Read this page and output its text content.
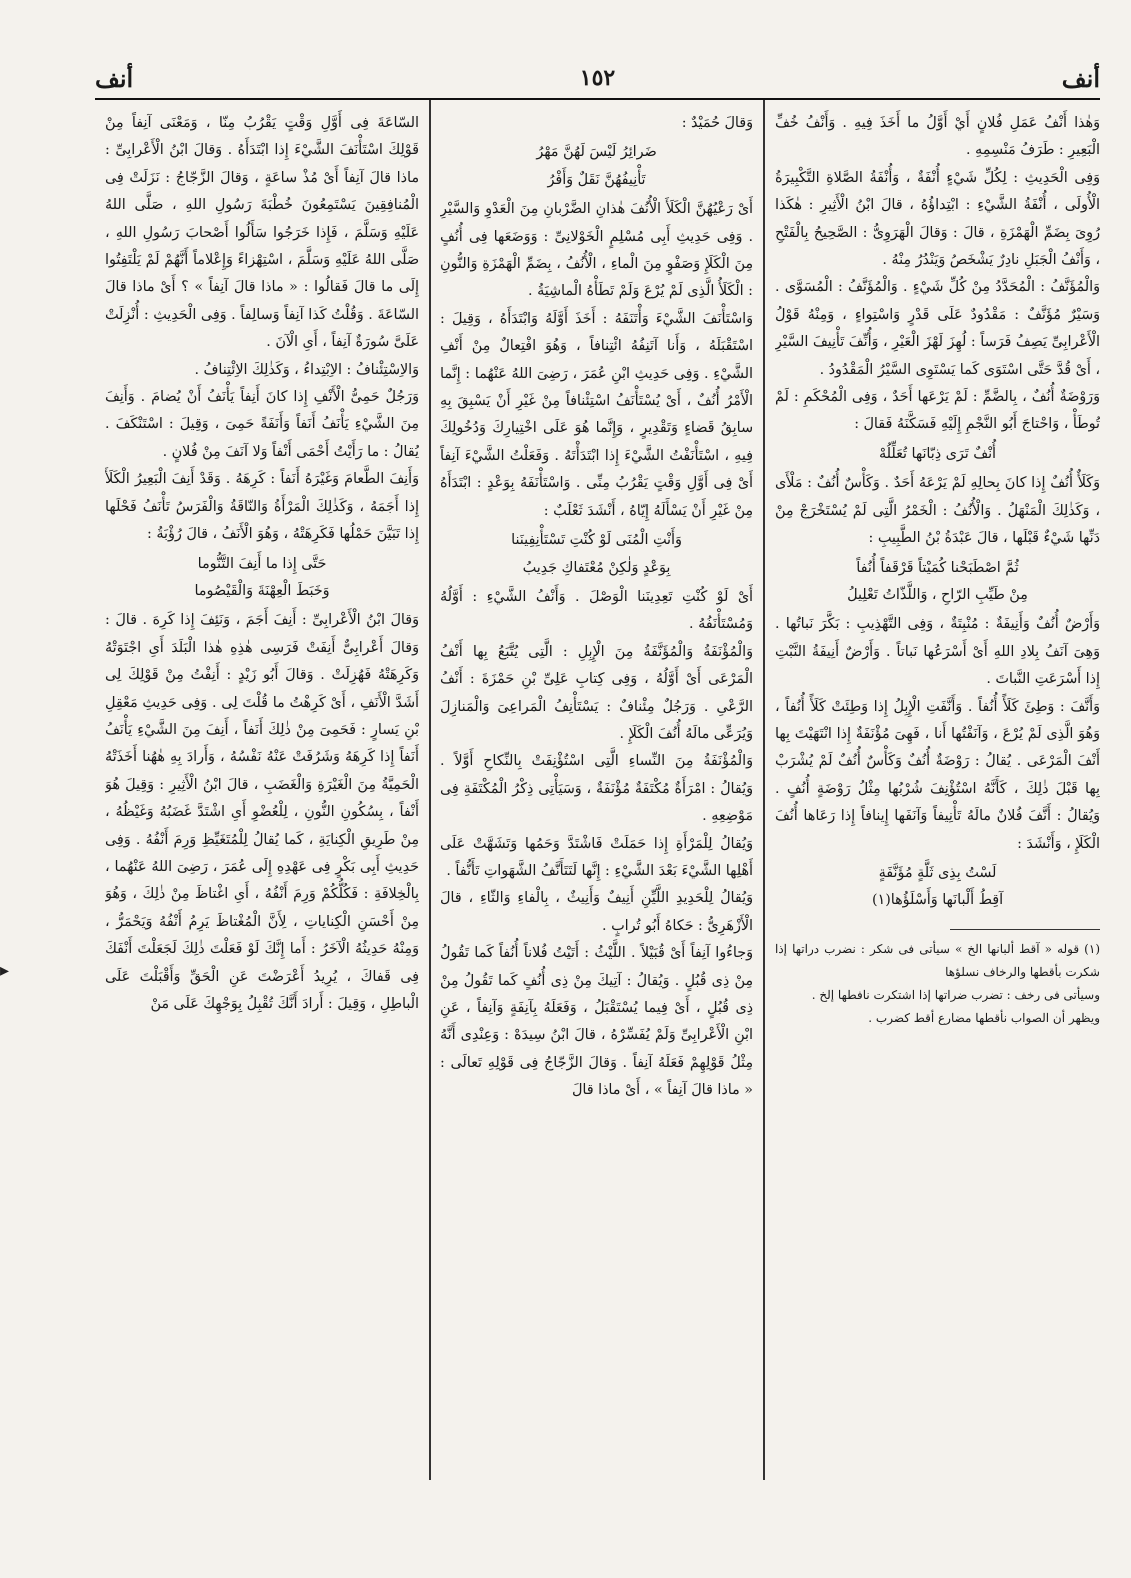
أنف
١٥٢
أنف

وَهٰذا أَنْفُ عَمَلِ فُلانٍ أَيْ أَوَّلُ ما أَخَذَ فِيهِ . وَأَنْفُ خُفِّ الْبَعِيرِ : طَرَفُ مَنْسِمِهِ .

وَفِى الْحَدِيثِ : لِكُلِّ شَيْءٍ أُنْفَةٌ ، وَأُنْفَةُ الصَّلاةِ التَّكْبِيرَةُ الْأُولَى ، أُنْفَةُ الشَّيْءِ : ابْتِداؤُهُ ، قالَ ابْنُ الْأَثِيرِ : هٰكَذا رُوِىَ بِضَمِّ الْهَمْزَةِ ، قالَ : وَقالَ الْهَرَوِىُّ : الصَّحِيحُ بِالْفَتْحِ ، وَأَنْفُ الْجَبَلِ نادِرٌ يَشْخَصُ وَيَنْدُرُ مِنْهُ .

وَالْمُؤَنَّفُ : الْمُحَدَّدُ مِنْ كُلِّ شَيْءٍ . وَالْمُؤَنَّفُ : الْمُسَوَّى . وَسَيْرٌ مُؤَنَّفٌ : مَقْدُودٌ عَلَى قَدْرٍ وَاسْتِواءٍ ، وَمِنْهُ قَوْلُ الْأَعْرابِىِّ يَصِفُ فَرَساً : لُهِزَ لَهْزَ الْعَيْرِ ، وَأُنِّفَ تَأْنِيفَ السَّيْرِ ، أَىْ قُدَّ حَتَّى اسْتَوَى كَما يَسْتَوِى السَّيْرُ الْمَقْدُودُ .

وَرَوْضَةٌ أُنُفٌ ، بِالضَّمِّ : لَمْ يَرْعَها أَحَدٌ ، وَفِى الْمُحْكَمِ : لَمْ تُوطَأْ ، وَاحْتاجَ أَبُو النَّجْمِ إِلَيْهِ فَسَكَّنَهُ فَقالَ :

أُنْفٌ تَرَى ذِبّانَها تُعَلِّلُهْ

وَكَلَأٌ أُنُفٌ إِذا كانَ بِحالِهِ لَمْ يَرْعَهُ أَحَدٌ . وَكَأْسٌ أُنُفٌ : مَلْأَى ، وَكَذٰلِكَ الْمَنْهَلُ . وَالْأُنُفُ : الْخَمْرُ الَّتِى لَمْ يُسْتَخْرَجْ مِنْ دَنِّها شَيْءٌ قَبْلَها ، قالَ عَبْدَةُ بْنُ الطَّبِيبِ :

ثُمَّ اصْطَبَحْنا كُمَيْتاً قَرْقَفاً أُنُفاً
مِنْ طَيِّبِ الرّاحِ ، وَاللَّذّاتُ تَعْلِيلُ

وَأَرْضٌ أُنُفٌ وَأَنِيفَةٌ : مُنْبِتَةٌ ، وَفِى التَّهْذِيبِ : بَكَّرَ نَباتُها . وَهِىَ آنَفُ بِلادِ اللهِ أَىْ أَسْرَعُها نَباتاً . وَأَرْضٌ أَنِيفَةُ النَّبْتِ إِذا أَسْرَعَتِ النَّباتَ .

وَأَنَّفَ : وَطِئَ كَلَأً أُنُفاً . وَأَنَّفَتِ الْإِبِلُ إِذا وَطِئَتْ كَلَأً أُنُفاً ، وَهُوَ الَّذِى لَمْ يُرْعَ ، وَآنَفْتُها أَنا ، فَهِىَ مُؤْنَفَةٌ إِذا انْتَهَيْتَ بِها أَنْفَ الْمَرْعَى . يُقالُ : رَوْضَةٌ أُنُفٌ وَكَأْسٌ أُنُفٌ لَمْ يُشْرَبْ بِها قَبْلَ ذٰلِكَ ، كَأَنَّهُ اسْتُؤْنِفَ شُرْبُها مِثْلُ رَوْضَةٍ أُنُفٍ . وَيُقالُ : أَنَّفَ فُلانٌ مالَهُ تَأْنِيفاً وَآنَفَها إِينافاً إِذا رَعَاها أُنُفَ الْكَلَإِ ، وَأَنْشَدَ :

لَسْتُ بِذِى ثَلَّةٍ مُؤَنَّفَةٍ
آقِطُ أَلْبانَها وَأَسْلَؤُها(١)

(١) قوله « آقط ألبانها الخ » سيأتى فى شكر : نضرب دراتها إذا شكرت بأقطها والرخاف نسلؤها

وسيأتى فى رخف : تضرب ضراتها إذا اشتكرت نافطها إلخ .

ويظهر أن الصواب نأقطها مضارع أقط كضرب .

وَقالَ حُمَيْدٌ :

ضَرائِرُ لَيْسَ لَهُنَّ مَهْرُ
تَأْنِيفُهُنَّ نَقَلٌ وَأَفْرُ

أَىْ رَعْيُهُنَّ الْكَلَأَ الْأُنُفَ هٰذانِ الضَّرْبانِ مِنَ الْعَدْوِ وَالسَّيْرِ . وَفِى حَدِيثِ أَبِى مُسْلِمٍ الْخَوْلانِىِّ : وَوَضَعَها فِى أُنُفٍ مِنَ الْكَلَإِ وَصَفْوٍ مِنَ الْماءِ ، الْأُنُفُ ، بِضَمِّ الْهَمْزَةِ وَالنُّونِ : الْكَلَأُ الَّذِى لَمْ يُرْعَ وَلَمْ تَطَأْهُ الْماشِيَةُ .

وَاسْتَأْنَفَ الشَّيْءَ وَأْتَنَفَهُ : أَخَذَ أَوَّلَهُ وَابْتَدَأَهُ ، وَقِيلَ : اسْتَقْبَلَهُ ، وَأَنا آتَنِفُهُ ائْتِنافاً ، وَهُوَ افْتِعالٌ مِنْ أَنْفِ الشَّيْءِ . وَفِى حَدِيثِ ابْنِ عُمَرَ ، رَضِىَ اللهُ عَنْهُما : إِنَّما الْأَمْرُ أُنُفٌ ، أَىْ يُسْتَأْنَفُ اسْتِئْنافاً مِنْ غَيْرِ أَنْ يَسْبِقَ بِهِ سابِقُ قَضاءٍ وَتَقْدِيرٍ ، وَإِنَّما هُوَ عَلَى اخْتِيارِكَ وَدُخُولِكَ فِيهِ ، اسْتَأْنَفْتُ الشَّيْءَ إِذا ابْتَدَأْتَهُ . وَفَعَلْتُ الشَّيْءَ آنِفاً أَىْ فِى أَوَّلِ وَقْتٍ يَقْرُبُ مِنِّى . وَاسْتَأْنَفَهُ بِوَعْدٍ : ابْتَدَأَهُ مِنْ غَيْرِ أَنْ يَسْأَلَهُ إِيّاهُ ، أَنْشَدَ ثَعْلَبٌ :

وَأَنْتِ الْمُنَى لَوْ كُنْتِ تَسْتَأْنِفِينَنا
بِوَعْدٍ وَلٰكِنْ مُعْتَفاكِ جَدِيبُ

أَىْ لَوْ كُنْتِ تَعِدِينَنا الْوَصْلَ . وَأَنْفُ الشَّيْءِ : أَوَّلُهُ وَمُسْتَأْنَفُهُ .

وَالْمُؤْنَفَةُ وَالْمُؤَنَّفَةُ مِنَ الْإِبِلِ : الَّتِى يُتَّبَعُ بِها أَنْفُ الْمَرْعَى أَىْ أَوَّلُهُ ، وَفِى كِتابِ عَلِىِّ بْنِ حَمْزَةَ : أَنْفُ الرَّعْىِ . وَرَجُلٌ مِئْنافٌ : يَسْتَأْنِفُ الْمَراعِىَ وَالْمَنازِلَ وَيُرَعِّى مالَهُ أُنُفَ الْكَلَإِ .

وَالْمُؤْنَفَةُ مِنَ النِّساءِ الَّتِى اسْتُؤْنِفَتْ بِالنِّكاحِ أَوَّلاً . وَيُقالُ : امْرَأَةٌ مُكْتَفَةٌ مُؤْنَفَةٌ ، وَسَيَأْتِى ذِكْرُ الْمُكْتَفَةِ فِى مَوْضِعِهِ .

وَيُقالُ لِلْمَرْأَةِ إِذا حَمَلَتْ فَاشْتَدَّ وَحَمُها وَتَشَهَّتْ عَلَى أَهْلِها الشَّيْءَ بَعْدَ الشَّيْءِ : إِنَّها لَتَتَأَنَّفُ الشَّهَواتِ تَأَنُّفاً .

وَيُقالُ لِلْحَدِيدِ اللَّيِّنِ أَنِيفٌ وَأَنِيثٌ ، بِالْفاءِ وَالثّاءِ ، قالَ الْأَزْهَرِىُّ : حَكاهُ أَبُو تُرابٍ .

وَجاءُوا آنِفاً أَىْ قُبَيْلاً . اللَّيْثُ : أَتَيْتُ فُلاناً أُنُفاً كَما تَقُولُ مِنْ ذِى قُبُلٍ . وَيُقالُ : آتِيكَ مِنْ ذِى أُنُفٍ كَما تَقُولُ مِنْ ذِى قُبُلٍ ، أَىْ فِيما يُسْتَقْبَلُ ، وَفَعَلَهُ بِآنِفَةٍ وَآنِفاً ، عَنِ ابْنِ الْأَعْرابِىِّ وَلَمْ يُفَسِّرْهُ ، قالَ ابْنُ سِيدَهْ : وَعِنْدِى أَنَّهُ مِثْلُ قَوْلِهِمْ فَعَلَهُ آنِفاً . وَقالَ الزَّجّاجُ فِى قَوْلِهِ تَعالَى : « ماذا قالَ آنِفاً » ، أَىْ ماذا قالَ

السّاعَةَ فِى أَوَّلِ وَقْتٍ يَقْرُبُ مِنّا ، وَمَعْنَى آنِفاً مِنْ قَوْلِكَ اسْتَأْنَفَ الشَّيْءَ إِذا ابْتَدَأَهُ . وَقالَ ابْنُ الْأَعْرابِىِّ : ماذا قالَ آنِفاً أَىْ مُذْ ساعَةٍ ، وَقالَ الزَّجّاجُ : نَزَلَتْ فِى الْمُنافِقِينَ يَسْتَمِعُونَ خُطْبَةَ رَسُولِ اللهِ ، صَلَّى اللهُ عَلَيْهِ وَسَلَّمَ ، فَإِذا خَرَجُوا سَأَلُوا أَصْحابَ رَسُولِ اللهِ ، صَلَّى اللهُ عَلَيْهِ وَسَلَّمَ ، اسْتِهْزاءً وَإِعْلاماً أَنَّهُمْ لَمْ يَلْتَفِتُوا إِلَى ما قالَ فَقالُوا : « ماذا قالَ آنِفاً » ؟ أَىْ ماذا قالَ السّاعَةَ . وَقُلْتُ كَذا آنِفاً وَسالِفاً . وَفِى الْحَدِيثِ : أُنْزِلَتْ عَلَىَّ سُورَةٌ آنِفاً ، أَىِ الْآنَ .

وَالاِسْتِئْنافُ : الاِبْتِداءُ ، وَكَذٰلِكَ الاِئْتِنافُ .

وَرَجُلٌ حَمِىُّ الْأَنْفِ إِذا كانَ أَنِفاً يَأْنَفُ أَنْ يُضامَ . وَأَنِفَ مِنَ الشَّيْءِ يَأْنَفُ أَنَفاً وَأَنَفَةً حَمِىَ ، وَقِيلَ : اسْتَنْكَفَ . يُقالُ : ما رَأَيْتُ أَحْمَى أَنْفاً وَلا آنَفَ مِنْ فُلانٍ .

وَأَنِفَ الطَّعامَ وَغَيْرَهُ أَنَفاً : كَرِهَهُ . وَقَدْ أَنِفَ الْبَعِيرُ الْكَلَأَ إِذا أَجَمَهُ ، وَكَذٰلِكَ الْمَرْأَةُ وَالنّاقَةُ وَالْفَرَسُ تَأْنَفُ فَحْلَها إِذا تَبَيَّنَ حَمْلُها فَكَرِهَتْهُ ، وَهُوَ الْأَنَفُ ، قالَ رُؤْبَةُ :

حَتَّى إِذا ما أَنِفَ التَّنُّوما
وَخَبَطَ الْعِهْنَةَ وَالْقَيْصُوما

وَقالَ ابْنُ الْأَعْرابِىِّ : أَنِفَ أَجَمَ ، وَنَئِفَ إِذا كَرِهَ . قالَ : وَقالَ أَعْرابِىٌّ أَنِفَتْ فَرَسِى هٰذِهِ هٰذا الْبَلَدَ أَىِ اجْتَوَتْهُ وَكَرِهَتْهُ فَهُزِلَتْ . وَقالَ أَبُو زَيْدٍ : أَنِفْتُ مِنْ قَوْلِكَ لِى أَشَدَّ الْأَنَفِ ، أَىْ كَرِهْتُ ما قُلْتَ لِى . وَفِى حَدِيثِ مَعْقِلِ بْنِ يَسارٍ : فَحَمِىَ مِنْ ذٰلِكَ أَنَفاً ، أَنِفَ مِنَ الشَّيْءِ يَأْنَفُ أَنَفاً إِذا كَرِهَهُ وَشَرُفَتْ عَنْهُ نَفْسُهُ ، وَأَرادَ بِهِ هٰهُنا أَخَذَتْهُ الْحَمِيَّةُ مِنَ الْغَيْرَةِ وَالْغَضَبِ ، قالَ ابْنُ الْأَثِيرِ : وَقِيلَ هُوَ أَنْفاً ، بِسُكُونِ النُّونِ ، لِلْعُضْوِ أَىِ اشْتَدَّ غَضَبُهُ وَغَيْظُهُ ، مِنْ طَرِيقِ الْكِنايَةِ ، كَما يُقالُ لِلْمُتَغَيِّظِ وَرِمَ أَنْفُهُ . وَفِى حَدِيثِ أَبِى بَكْرٍ فِى عَهْدِهِ إِلَى عُمَرَ ، رَضِىَ اللهُ عَنْهُما ، بِالْخِلافَةِ : فَكُلُّكُمْ وَرِمَ أَنْفُهُ ، أَىِ اغْتاظَ مِنْ ذٰلِكَ ، وَهُوَ مِنْ أَحْسَنِ الْكِناياتِ ، لِأَنَّ الْمُغْتاظَ يَرِمُ أَنْفُهُ وَيَحْمَرُّ ، وَمِنْهُ حَدِيثُهُ الْآخَرُ : أَما إِنَّكَ لَوْ فَعَلْتَ ذٰلِكَ لَجَعَلْتَ أَنْفَكَ فِى قَفاكَ ، يُرِيدُ أَعْرَضْتَ عَنِ الْحَقِّ وَأَقْبَلْتَ عَلَى الْباطِلِ ، وَقِيلَ : أَرادَ أَنَّكَ تُقْبِلُ بِوَجْهِكَ عَلَى مَنْ

▸
